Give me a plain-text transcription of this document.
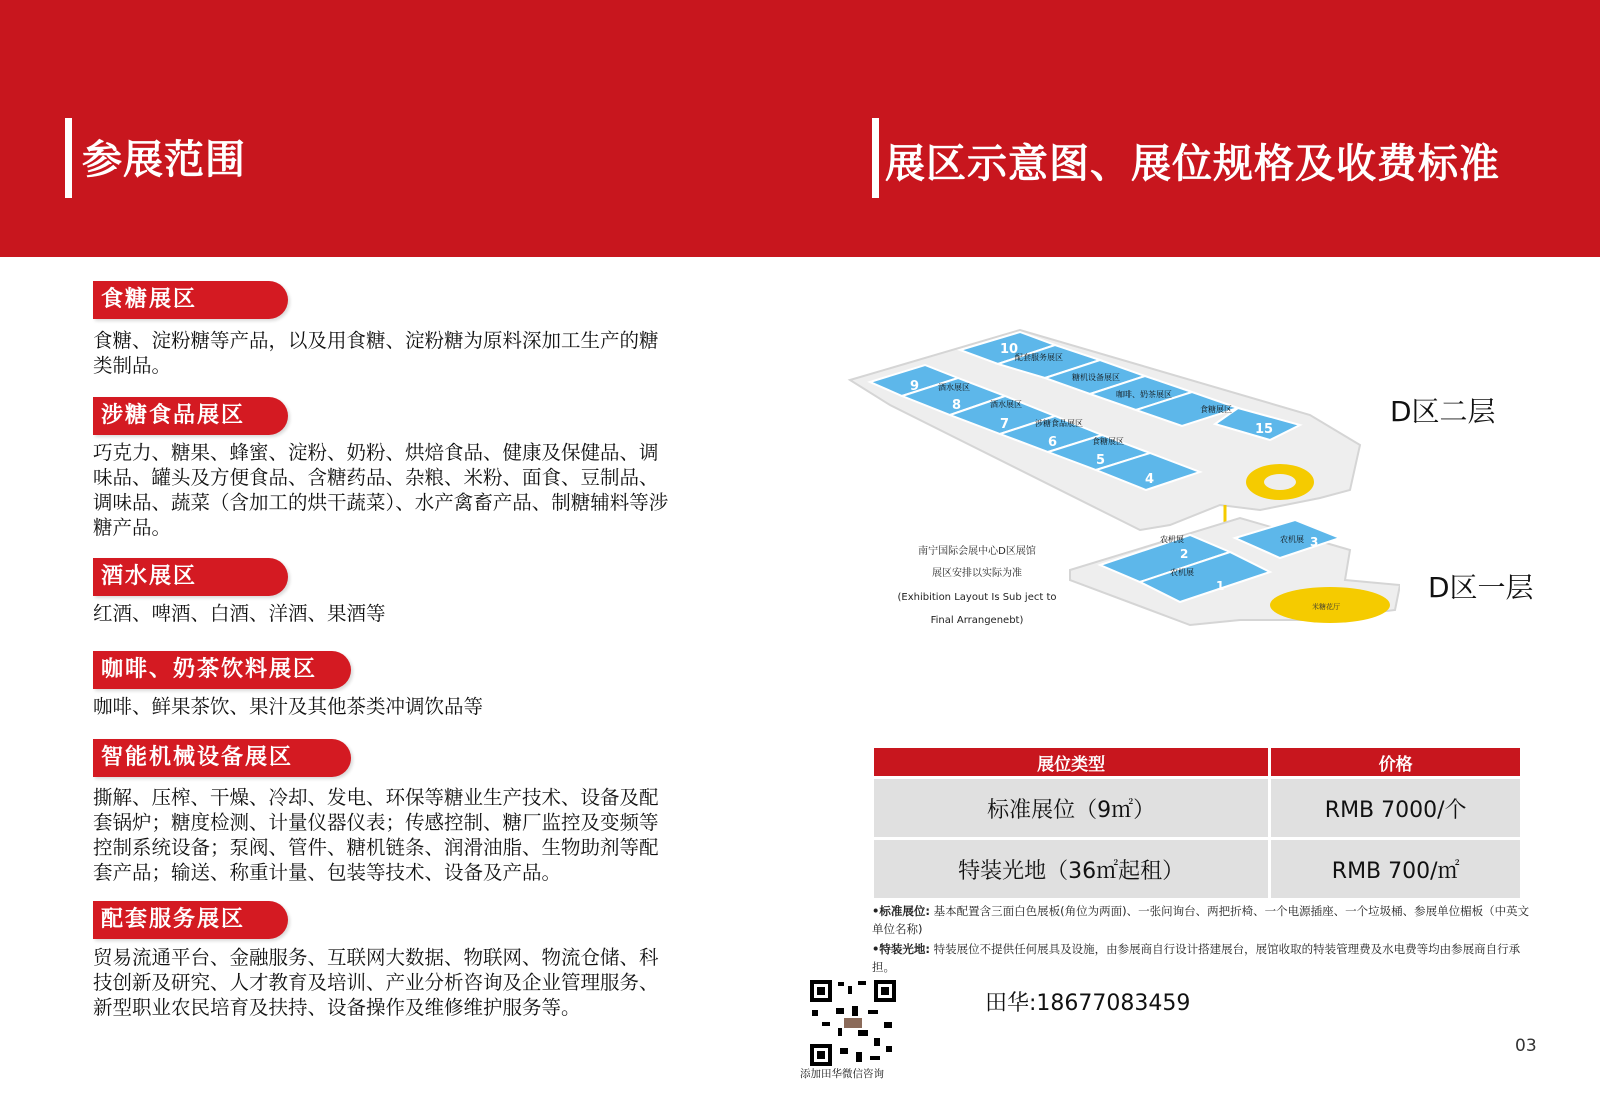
参展范围	展区示意图、展位规格及收费标准
食糖展区
食糖、淀粉糖等产品，以及用食糖、淀粉糖为原料深加工生产的糖类制品。
涉糖食品展区
巧克力、糖果、蜂蜜、淀粉、奶粉、烘焙食品、健康及保健品、调味品、罐头及方便食品、含糖药品、杂粮、米粉、面食、豆制品、调味品、蔬菜（含加工的烘干蔬菜）、水产禽畜产品、制糖辅料等涉糖产品。
酒水展区
红酒、啤酒、白酒、洋酒、果酒等
咖啡、奶茶饮料展区
咖啡、鲜果茶饮、果汁及其他茶类冲调饮品等
智能机械设备展区
撕解、压榨、干燥、冷却、发电、环保等糖业生产技术、设备及配套锅炉；糖度检测、计量仪器仪表；传感控制、糖厂监控及变频等控制系统设备；泵阀、管件、糖机链条、润滑油脂、生物助剂等配套产品；输送、称重计量、包装等技术、设备及产品。
配套服务展区
贸易流通平台、金融服务、互联网大数据、物联网、物流仓储、科技创新及研究、人才教育及培训、产业分析咨询及企业管理服务、新型职业农民培育及扶持、设备操作及维修维护服务等。
9
8
7
6
5
4
10
15
配套服务展区
糖机设备展区
咖啡、奶茶展区
食糖展区
酒水展区
酒水展区
涉糖食品展区
食糖展区
2
1
3
农机展
农机展
农机展
米糖花厅
D区二层
D区一层
南宁国际会展中心D区展馆
展区安排以实际为准
(Exhibition Layout Is Sub ject to
Final Arrangenebt)
展位类型	价格
标准展位（9㎡）	RMB 7000/个
特装光地（36㎡起租）	RMB 700/㎡
•标准展位: 基本配置含三面白色展板(角位为两面)、一张问询台、两把折椅、一个电源插座、一个垃圾桶、参展单位楣板（中英文单位名称)
•特装光地: 特装展位不提供任何展具及设施，由参展商自行设计搭建展台，展馆收取的特装管理费及水电费等均由参展商自行承担。
田华:18677083459
添加田华微信咨询
03
